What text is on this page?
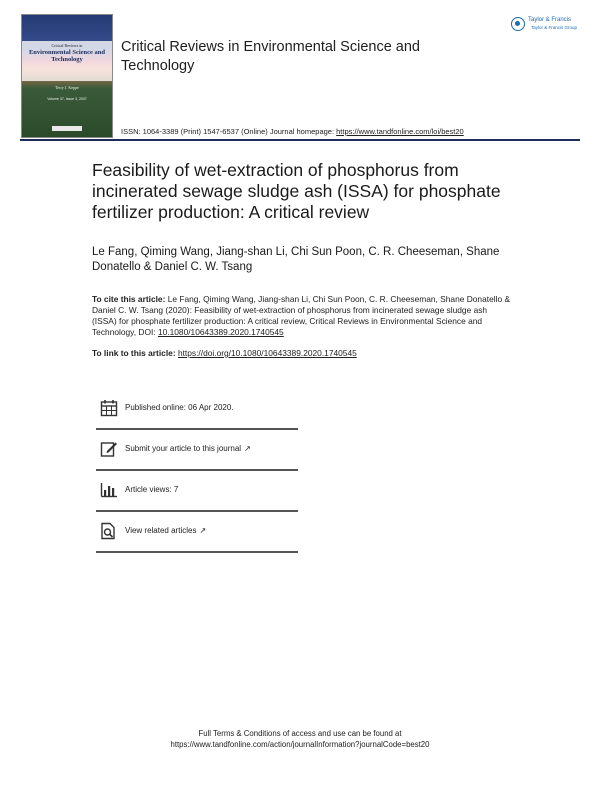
Critical Reviews in
Environmental Science and Technology
Terry J. Keppe
Volume 37, Issue 3, 2007
Critical Reviews in Environmental Science and Technology
Taylor & Francis
Taylor & Francis Group
ISSN: 1064-3389 (Print) 1547-6537 (Online) Journal homepage: https://www.tandfonline.com/loi/best20
Feasibility of wet-extraction of phosphorus from incinerated sewage sludge ash (ISSA) for phosphate fertilizer production: A critical review
Le Fang, Qiming Wang, Jiang-shan Li, Chi Sun Poon, C. R. Cheeseman, Shane Donatello & Daniel C. W. Tsang
To cite this article: Le Fang, Qiming Wang, Jiang-shan Li, Chi Sun Poon, C. R. Cheeseman, Shane Donatello & Daniel C. W. Tsang (2020): Feasibility of wet-extraction of phosphorus from incinerated sewage sludge ash (ISSA) for phosphate fertilizer production: A critical review, Critical Reviews in Environmental Science and Technology, DOI: 10.1080/10643389.2020.1740545
To link to this article: https://doi.org/10.1080/10643389.2020.1740545
Published online: 06 Apr 2020.
Submit your article to this journal ↗
Article views: 7
View related articles ↗
Full Terms & Conditions of access and use can be found at
https://www.tandfonline.com/action/journalInformation?journalCode=best20
